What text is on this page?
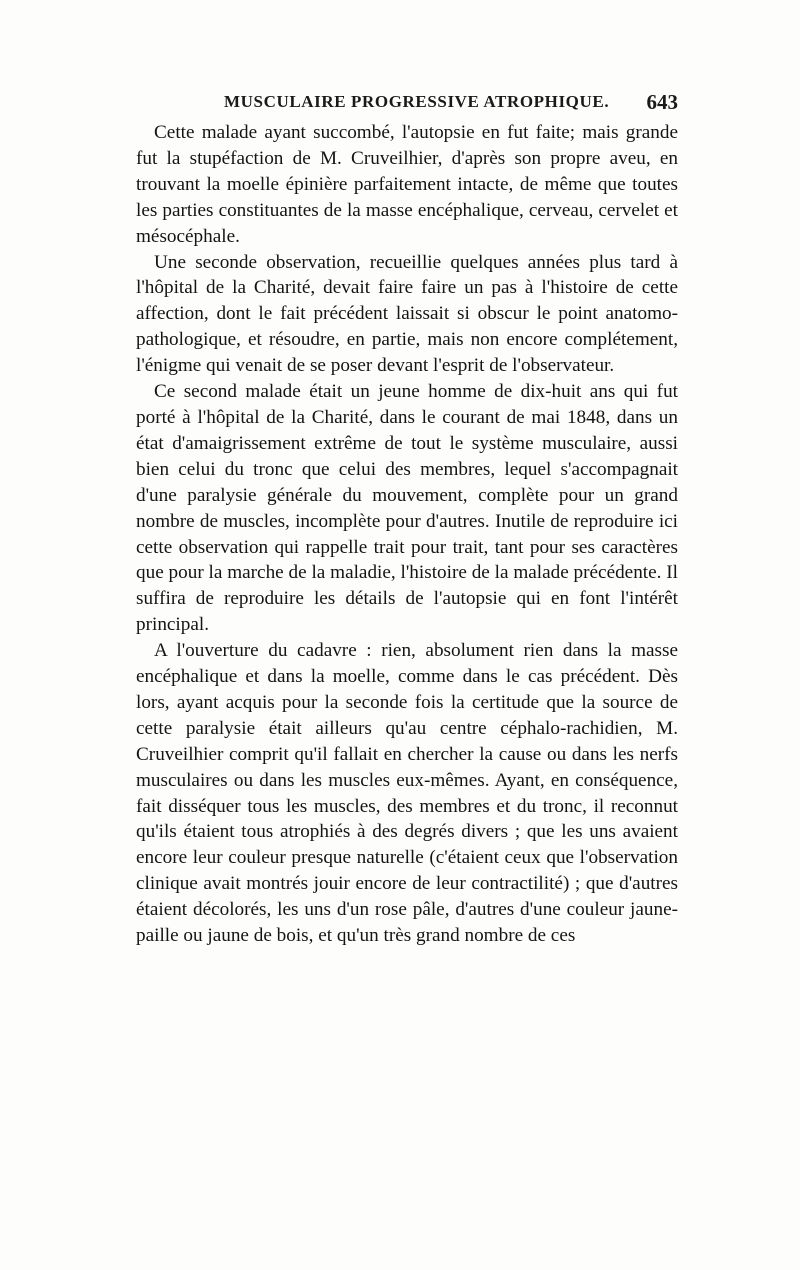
MUSCULAIRE PROGRESSIVE ATROPHIQUE. 643

Cette malade ayant succombé, l'autopsie en fut faite; mais grande fut la stupéfaction de M. Cruveilhier, d'après son propre aveu, en trouvant la moelle épinière parfaitement intacte, de même que toutes les parties constituantes de la masse encéphalique, cerveau, cervelet et mésocéphale.

Une seconde observation, recueillie quelques années plus tard à l'hôpital de la Charité, devait faire faire un pas à l'histoire de cette affection, dont le fait précédent laissait si obscur le point anatomo-pathologique, et résoudre, en partie, mais non encore complétement, l'énigme qui venait de se poser devant l'esprit de l'observateur.

Ce second malade était un jeune homme de dix-huit ans qui fut porté à l'hôpital de la Charité, dans le courant de mai 1848, dans un état d'amaigrissement extrême de tout le système musculaire, aussi bien celui du tronc que celui des membres, lequel s'accompagnait d'une paralysie générale du mouvement, complète pour un grand nombre de muscles, incomplète pour d'autres. Inutile de reproduire ici cette observation qui rappelle trait pour trait, tant pour ses caractères que pour la marche de la maladie, l'histoire de la malade précédente. Il suffira de reproduire les détails de l'autopsie qui en font l'intérêt principal.

A l'ouverture du cadavre : rien, absolument rien dans la masse encéphalique et dans la moelle, comme dans le cas précédent. Dès lors, ayant acquis pour la seconde fois la certitude que la source de cette paralysie était ailleurs qu'au centre céphalo-rachidien, M. Cruveilhier comprit qu'il fallait en chercher la cause ou dans les nerfs musculaires ou dans les muscles eux-mêmes. Ayant, en conséquence, fait disséquer tous les muscles, des membres et du tronc, il reconnut qu'ils étaient tous atrophiés à des degrés divers ; que les uns avaient encore leur couleur presque naturelle (c'étaient ceux que l'observation clinique avait montrés jouir encore de leur contractilité) ; que d'autres étaient décolorés, les uns d'un rose pâle, d'autres d'une couleur jaune-paille ou jaune de bois, et qu'un très grand nombre de ces
